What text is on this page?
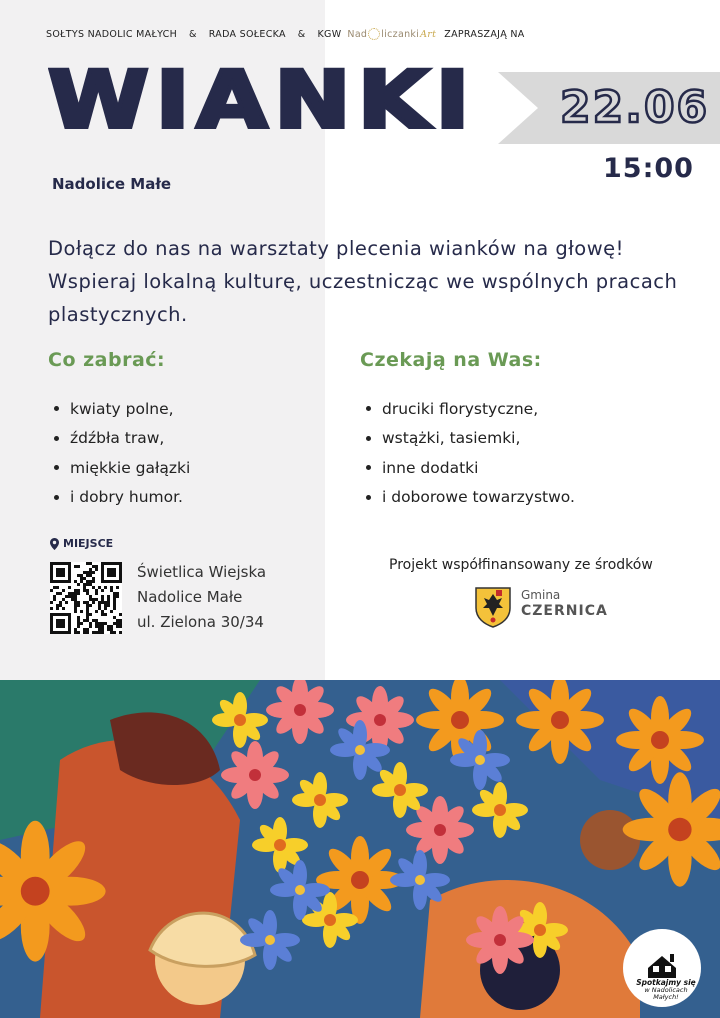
SOŁTYS NADOLIC MAŁYCH & RADA SOŁECKA & KGW Nad liczanki Art ZAPRASZAJĄ NA
WIANKI 22.06
15:00
Nadolice Małe
Dołącz do nas na warsztaty plecenia wianków na głowę! Wspieraj lokalną kulturę, uczestnicząc we wspólnych pracach plastycznych.
Co zabrać:
kwiaty polne,
źdźbła traw,
miękkie gałązki
i dobry humor.
Czekają na Was:
druciki florystyczne,
wstążki, tasiemki,
inne dodatki
i doborowe towarzystwo.
MIEJSCE
Świetlica Wiejska
Nadolice Małe
ul. Zielona 30/34
Projekt współfinansowany ze środków
Gmina
CZERNICA
Spotkajmy się
w Nadolicach
Małych!
